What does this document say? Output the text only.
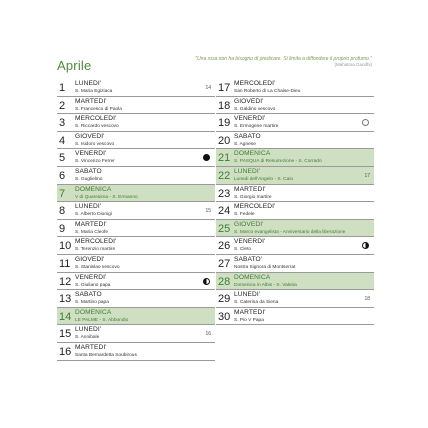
Aprile	"Una rosa non ha bisogno di predicare. Si limita a diffondere il proprio profumo."
(Mahatma Gandhi)
1 LUNEDI'
S. Maria Egiziaca
14
2 MARTEDI'
S. Francesco di Paola
3 MERCOLEDI'
S. Riccardo vescovo
4 GIOVEDI'
S. Isidoro vescovo
5 VENERDI'
S. Vincenzo Ferrer
6 SABATO
S. Guglielmo
7 DOMENICA
V di Quaresima - S. Ermanno
8 LUNEDI'
S. Alberto Dionigi
15
9 MARTEDI'
S. Maria Cleofe
10 MERCOLEDI'
S. Terenzio martire
11 GIOVEDI'
S. Stanislao vescovo
12 VENERDI'
S. Giuliano papa
13 SABATO
S. Martino papa
14 DOMENICA
LE PALME - S. Abbondio
15 LUNEDI'
S. Annibale
16
16 MARTEDI'
Santa Bernardetta Soubirous
17 MERCOLEDI'
San Roberto di La Chaise-Dieu
18 GIOVEDI'
S. Galdino vescovo
19 VENERDI'
S. Ermogene martire
20 SABATO
S. Agnese
21 DOMENICA
S. PASQUA di Resurrezione - S. Corrado
22 LUNEDI'
Lunedi dell'Angelo - S. Caio
17
23 MARTEDI'
S. Giorgio martire
24 MERCOLEDI'
S. Fedele
25 GIOVEDI'
S. Marco evangelista - Anniversario della liberazione
26 VENERDI'
S. Cleto
27 SABATO'
Nostra Signora di Montserrat
28 DOMENICA
Domenica in Albis - S. Valeria
29 LUNEDI'
S. Caterina da Siena
18
30 MARTEDI'
S. Pio V Papa
